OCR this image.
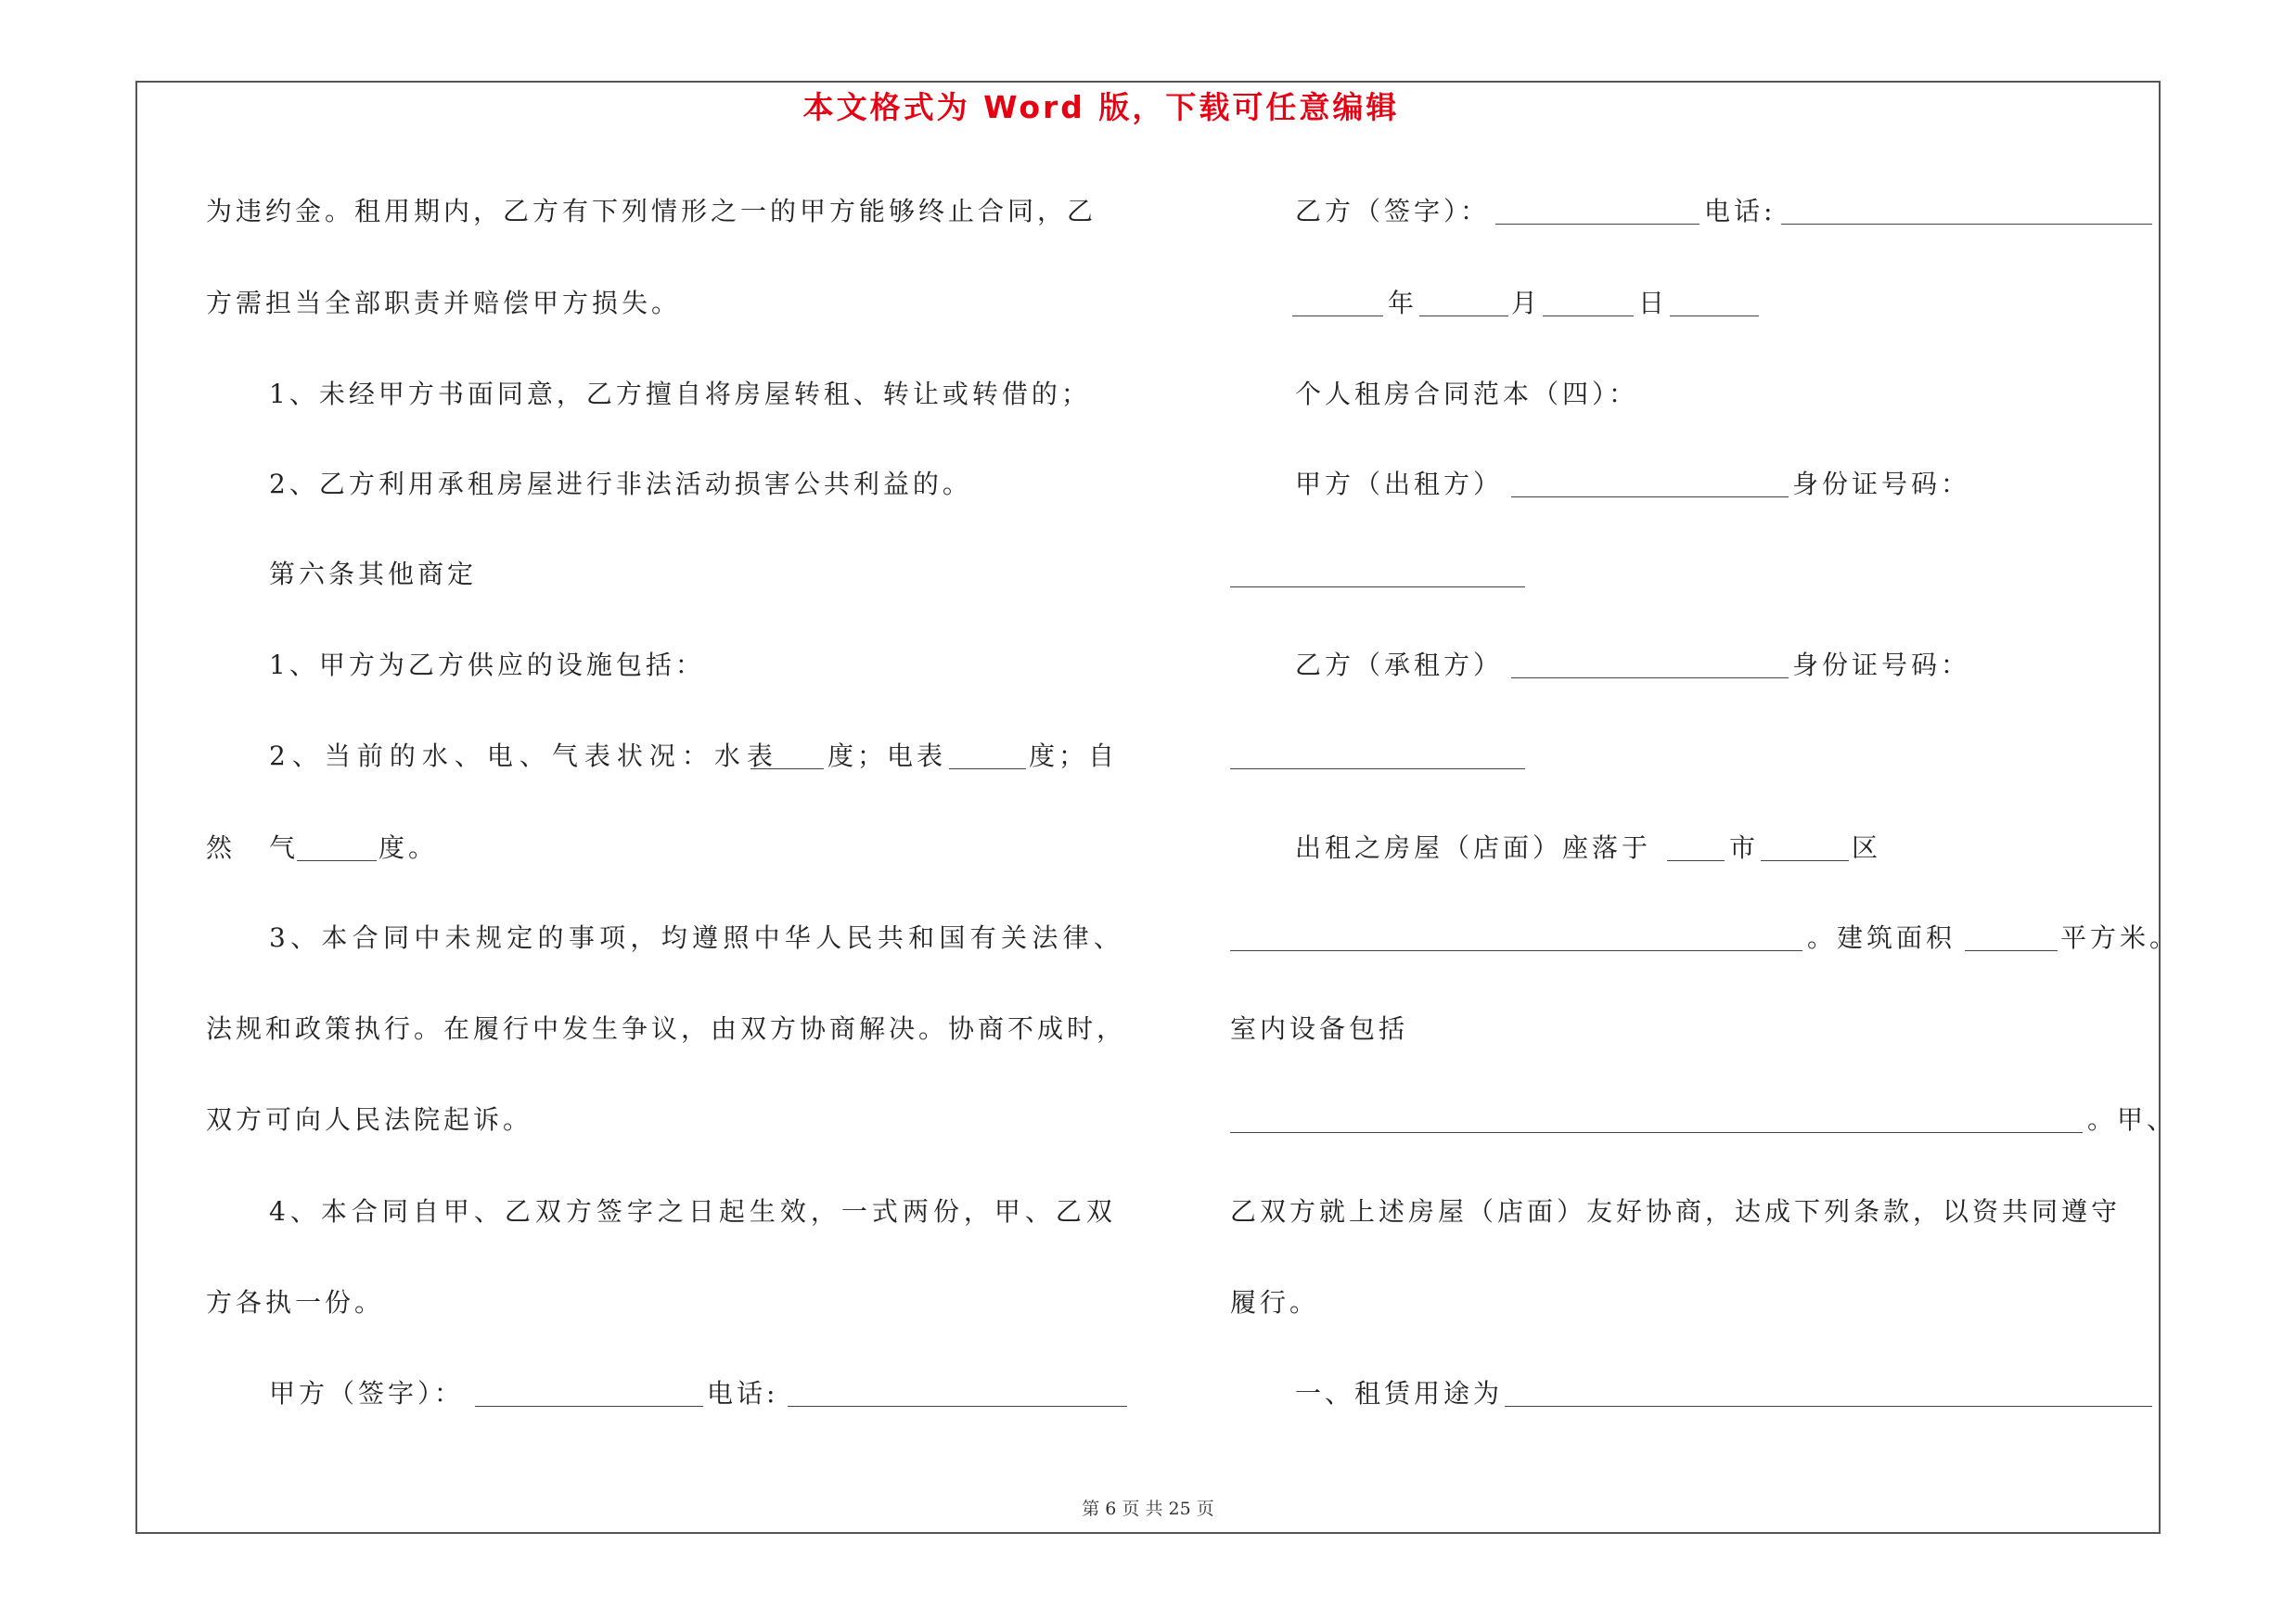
本文格式为 Word 版，下载可任意编辑
为违约金。租用期内，乙方有下列情形之一的甲方能够终止合同，乙
方需担当全部职责并赔偿甲方损失。
1、未经甲方书面同意，乙方擅自将房屋转租、转让或转借的；
2、乙方利用承租房屋进行非法活动损害公共利益的。
第六条其他商定
1、甲方为乙方供应的设施包括：
2、当前的水、电、气表状况：水表 度；电表	度；自
然 气	度。
3、本合同中未规定的事项，均遵照中华人民共和国有关法律、
法规和政策执行。在履行中发生争议，由双方协商解决。协商不成时，
双方可向人民法院起诉。
4、本合同自甲、乙双方签字之日起生效，一式两份，甲、乙双
方各执一份。
甲方（签字）：	电话:
乙方（签字）：	电话:
年	月	日
个人租房合同范本（四）：
甲方（出租方）	身份证号码：
乙方（承租方）	身份证号码：
出租之房屋（店面）座落于	市	区
。建筑面积	平方米。
室内设备包括
。甲、
乙双方就上述房屋（店面）友好协商，达成下列条款，以资共同遵守
履行。
一、租赁用途为
第 6 页 共 25 页
